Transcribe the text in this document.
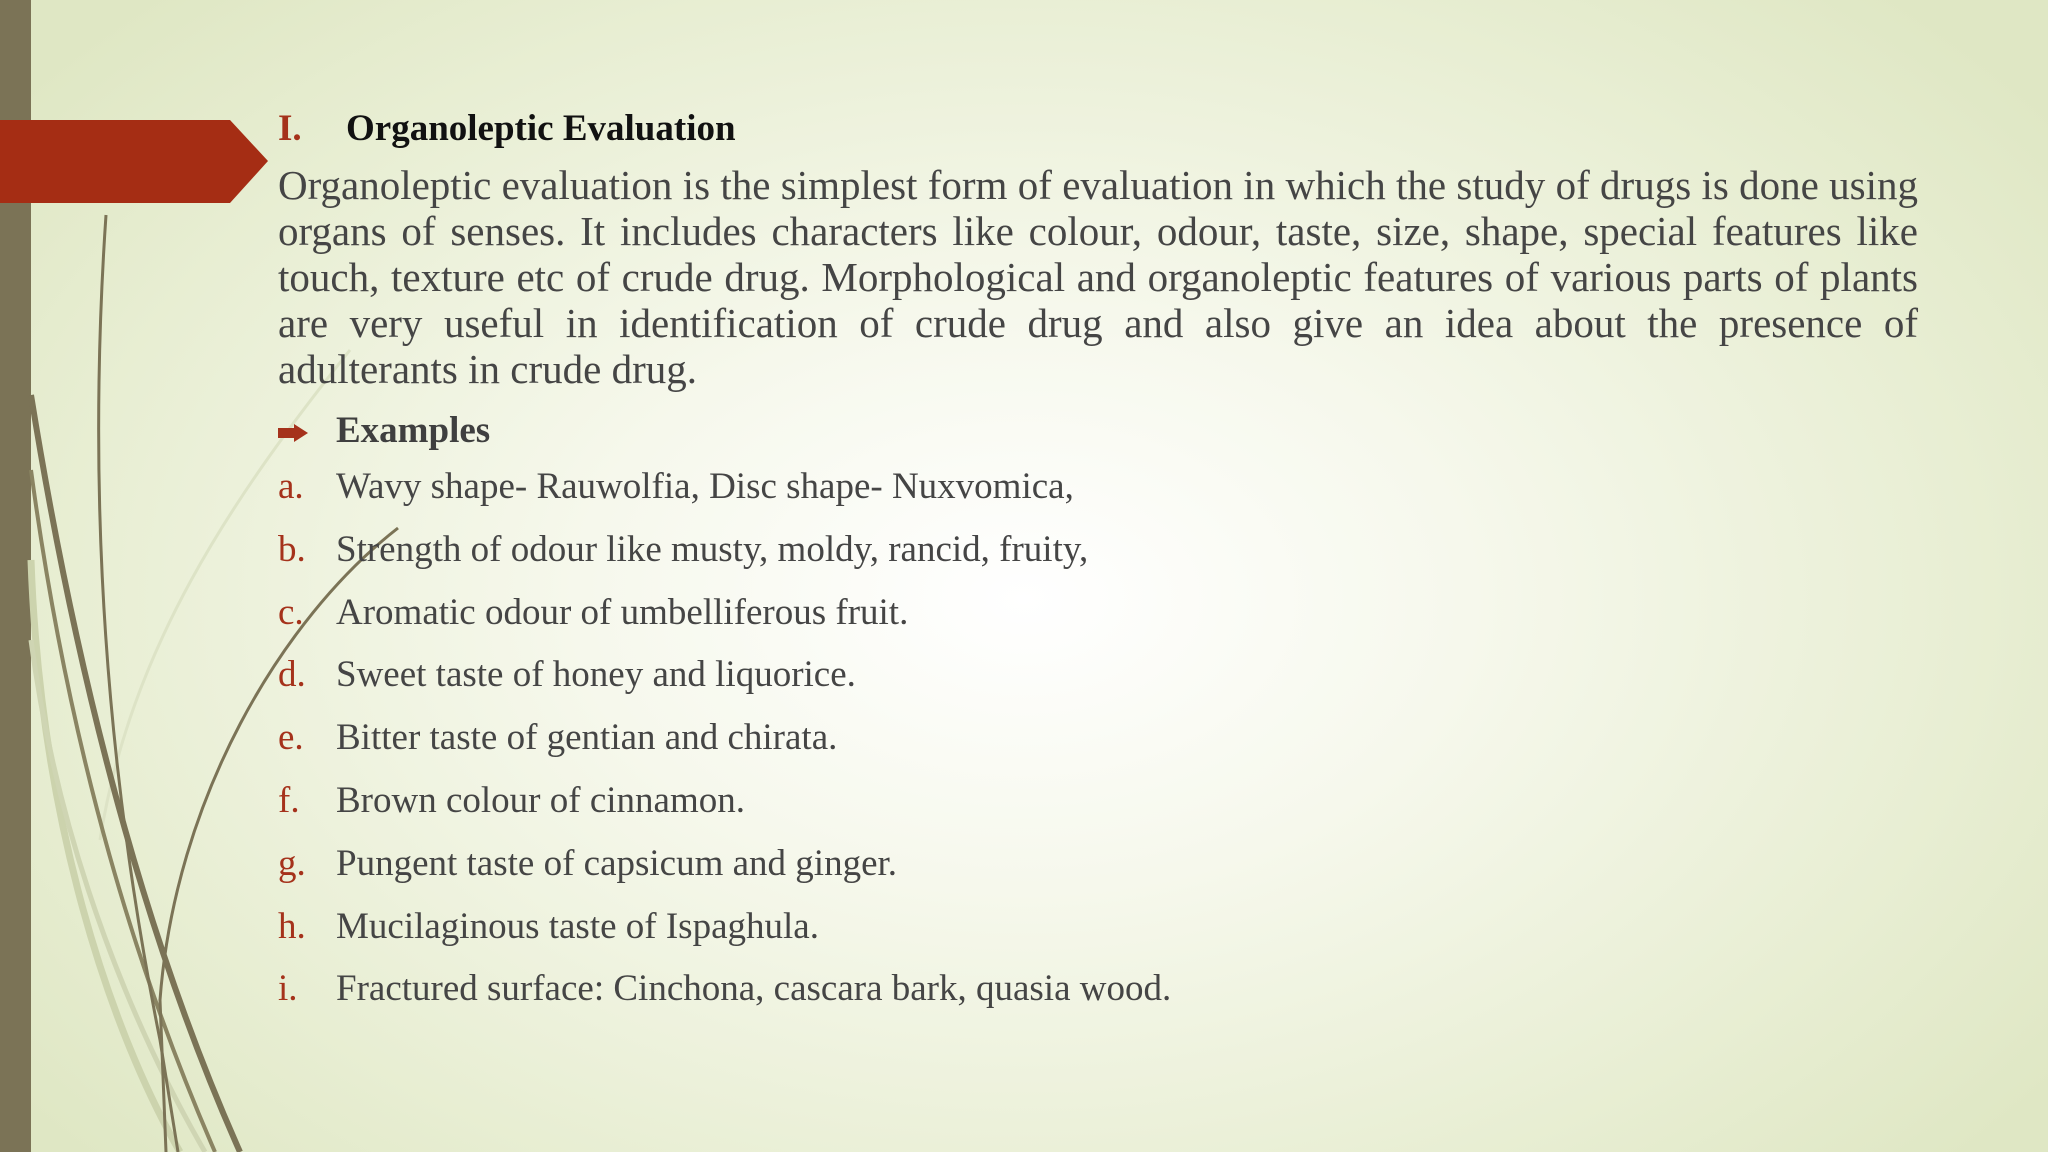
I.	Organoleptic Evaluation
Organoleptic evaluation is the simplest form of evaluation in which the study of drugs is done using organs of senses. It includes characters like colour, odour, taste, size, shape, special features like touch, texture etc of crude drug. Morphological and organoleptic features of various parts of plants are very useful in identification of crude drug and also give an idea about the presence of adulterants in crude drug.
Examples
a. Wavy shape- Rauwolfia, Disc shape- Nuxvomica,
b. Strength of odour like musty, moldy, rancid, fruity,
c. Aromatic odour of umbelliferous fruit.
d. Sweet taste of honey and liquorice.
e. Bitter taste of gentian and chirata.
f. Brown colour of cinnamon.
g. Pungent taste of capsicum and ginger.
h. Mucilaginous taste of Ispaghula.
i.	Fractured surface: Cinchona, cascara bark, quasia wood.
